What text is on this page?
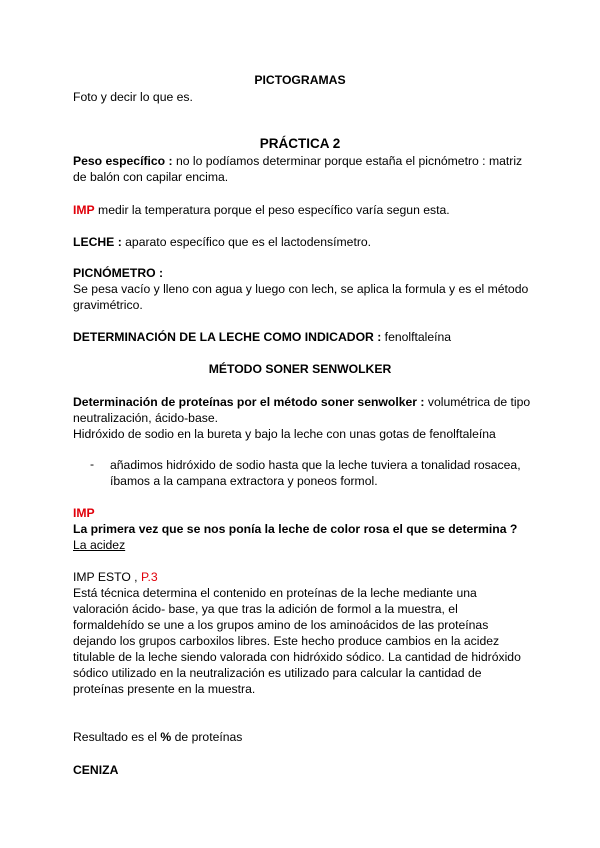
PICTOGRAMAS
Foto y decir lo que es.
PRÁCTICA 2
Peso específico : no lo podíamos determinar porque estaña el picnómetro : matriz
de balón con capilar encima.
IMP medir la temperatura porque el peso específico varía segun esta.
LECHE : aparato específico que es el lactodensímetro.
PICNÓMETRO :
Se pesa vacío y lleno con agua y luego con lech, se aplica la formula y es el método
gravimétrico.
DETERMINACIÓN DE LA LECHE COMO INDICADOR : fenolftaleína
MÉTODO SONER SENWOLKER
Determinación de proteínas por el método soner senwolker : volumétrica de tipo
neutralización, ácido-base.
Hidróxido de sodio en la bureta y bajo la leche con unas gotas de fenolftaleína
- añadimos hidróxido de sodio hasta que la leche tuviera a tonalidad rosacea,
íbamos a la campana extractora y poneos formol.
IMP
La primera vez que se nos ponía la leche de color rosa el que se determina ?
La acidez
IMP ESTO , P.3
Está técnica determina el contenido en proteínas de la leche mediante una
valoración ácido- base, ya que tras la adición de formol a la muestra, el
formaldehído se une a los grupos amino de los aminoácidos de las proteínas
dejando los grupos carboxilos libres. Este hecho produce cambios en la acidez
titulable de la leche siendo valorada con hidróxido sódico. La cantidad de hidróxido
sódico utilizado en la neutralización es utilizado para calcular la cantidad de
proteínas presente en la muestra.
Resultado es el % de proteínas
CENIZA
